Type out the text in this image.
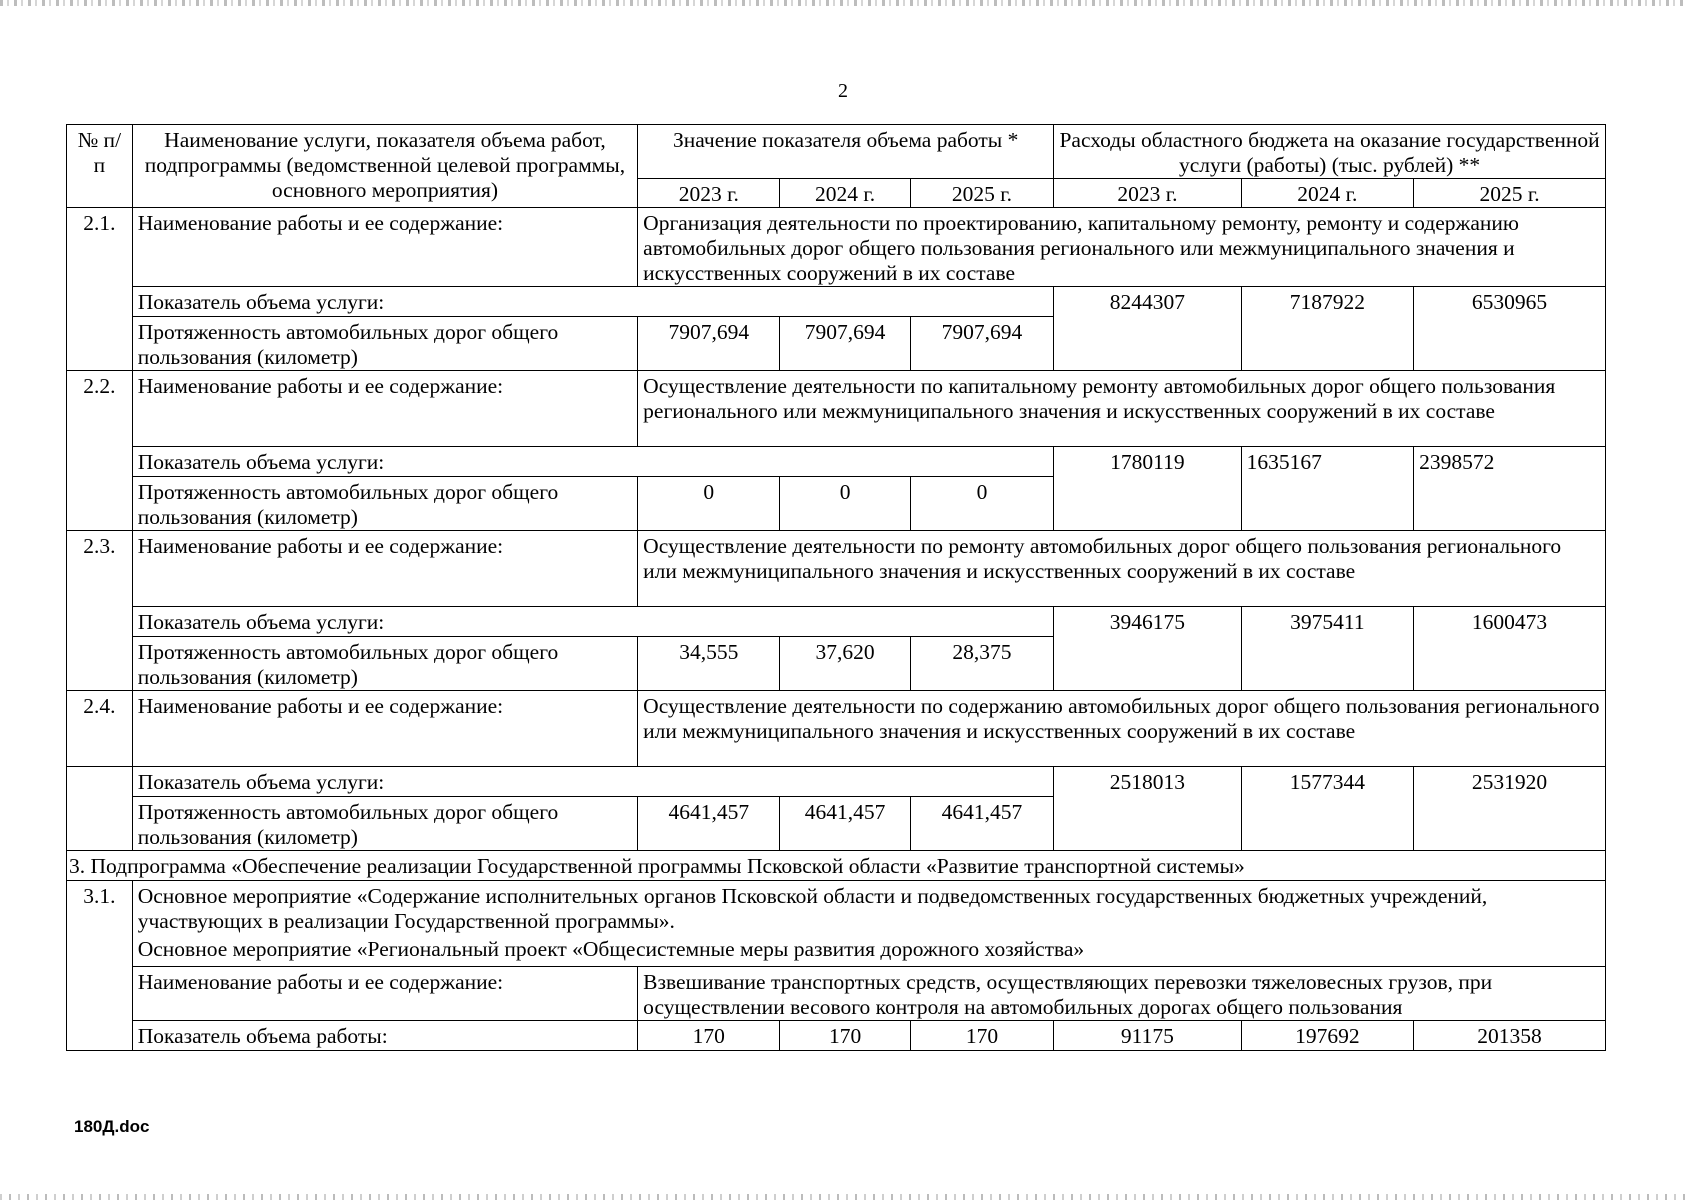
2
№ п/п	Наименование услуги, показателя объема работ, подпрограммы (ведомственной целевой программы, основного мероприятия)	Значение показателя объема работы *			Расходы областного бюджета на оказание государственной услуги (работы) (тыс. рублей) **		
		2023 г.	2024 г.	2025 г.	2023 г.	2024 г.	2025 г.
2.1.	Наименование работы и ее содержание:	Организация деятельности по проектированию, капитальному ремонту, ремонту и содержанию автомобильных дорог общего пользования регионального или межмуниципального значения и искусственных сооружений в их составе					
	Показатель объема услуги:				8244307	7187922	6530965
	Протяженность автомобильных дорог общего пользования (километр)	7907,694	7907,694	7907,694			
2.2.	Наименование работы и ее содержание:	Осуществление деятельности по капитальному ремонту автомобильных дорог общего пользования регионального или межмуниципального значения и искусственных сооружений в их составе					
	Показатель объема услуги:				1780119	1635167	2398572
	Протяженность автомобильных дорог общего пользования (километр)	0	0	0			
2.3.	Наименование работы и ее содержание:	Осуществление деятельности по ремонту автомобильных дорог общего пользования регионального или межмуниципального значения и искусственных сооружений в их составе					
	Показатель объема услуги:				3946175	3975411	1600473
	Протяженность автомобильных дорог общего пользования (километр)	34,555	37,620	28,375			
2.4.	Наименование работы и ее содержание:	Осуществление деятельности по содержанию автомобильных дорог общего пользования регионального или межмуниципального значения и искусственных сооружений в их составе					
	Показатель объема услуги:				2518013	1577344	2531920
	Протяженность автомобильных дорог общего пользования (километр)	4641,457	4641,457	4641,457			
3. Подпрограмма «Обеспечение реализации Государственной программы Псковской области «Развитие транспортной системы»							
3.1.	Основное мероприятие «Содержание исполнительных органов Псковской области и подведомственных государственных бюджетных учреждений, участвующих в реализации Государственной программы».
Основное мероприятие «Региональный проект «Общесистемные меры развития дорожного хозяйства»						

	Наименование работы и ее содержание:	Взвешивание транспортных средств, осуществляющих перевозки тяжеловесных грузов, при осуществлении весового контроля на автомобильных дорогах общего пользования					
	Показатель объема работы:	170	170	170	91175	197692	201358
180Д.doc
